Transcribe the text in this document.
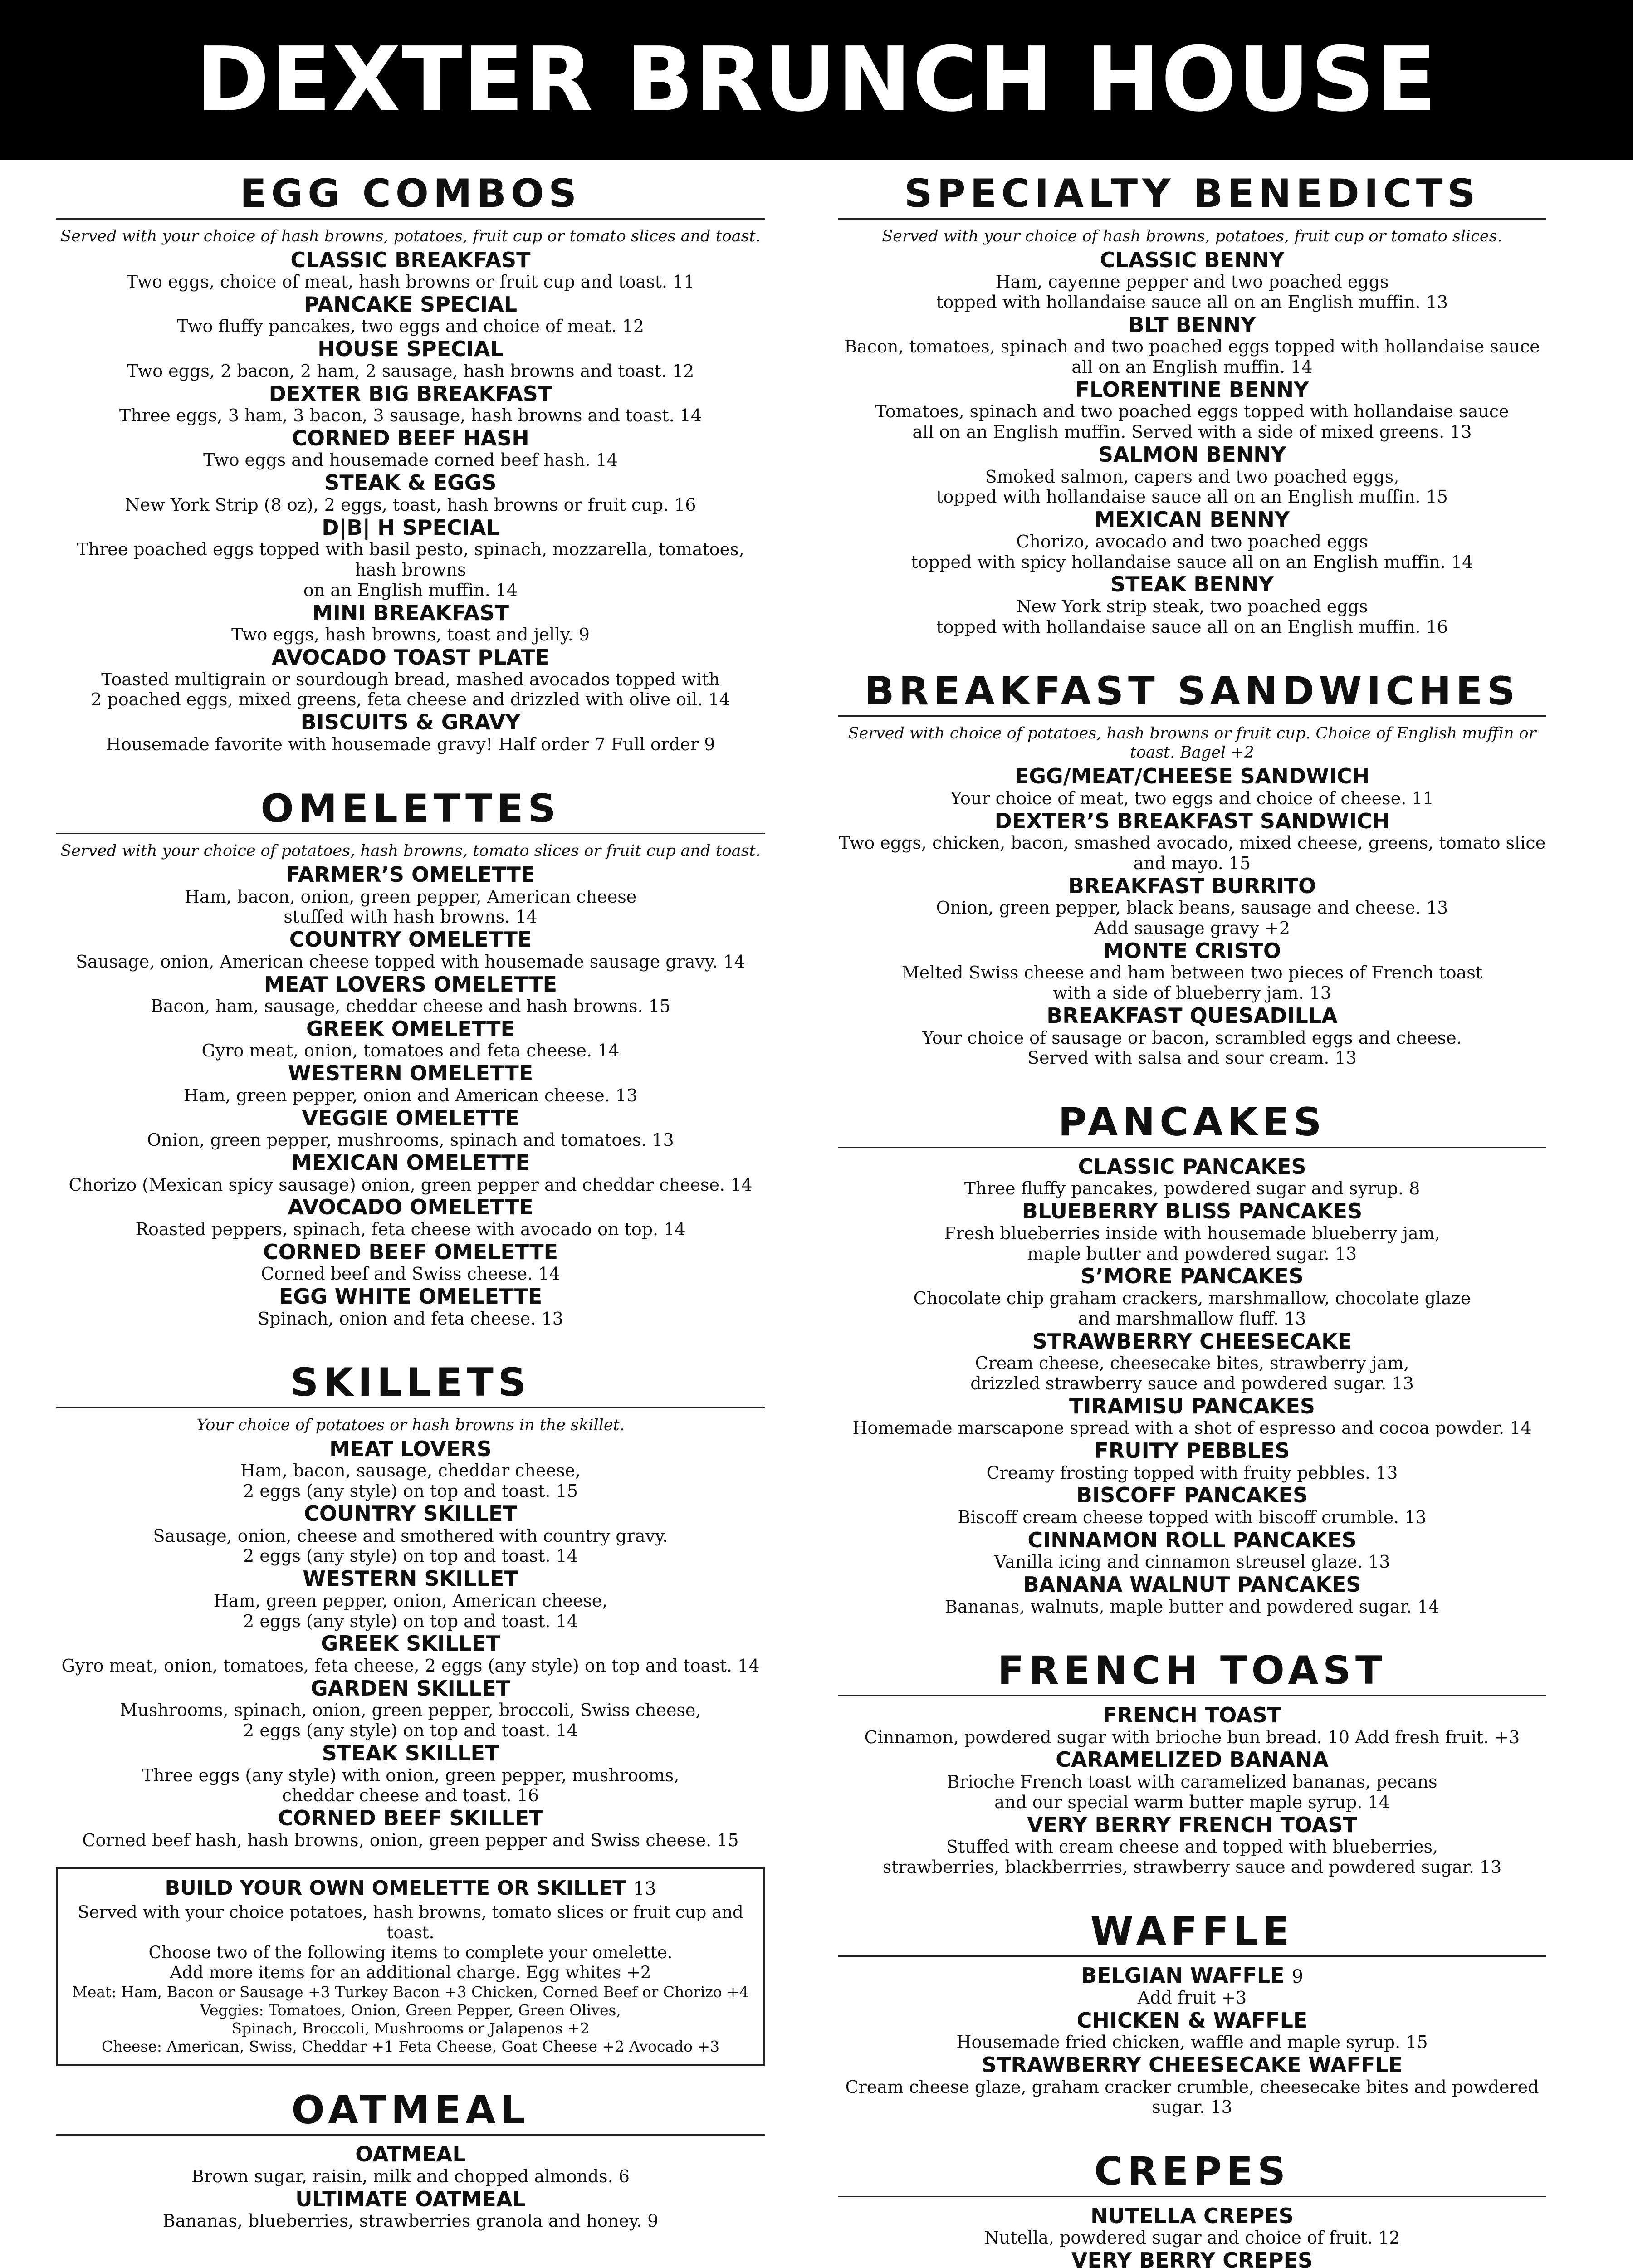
DEXTER BRUNCH HOUSE
EGG COMBOS

Served with your choice of hash browns, potatoes, fruit cup or tomato slices and toast.

CLASSIC BREAKFAST

Two eggs, choice of meat, hash browns or fruit cup and toast. 11

PANCAKE SPECIAL

Two fluffy pancakes, two eggs and choice of meat. 12

HOUSE SPECIAL

Two eggs, 2 bacon, 2 ham, 2 sausage, hash browns and toast. 12

DEXTER BIG BREAKFAST

Three eggs, 3 ham, 3 bacon, 3 sausage, hash browns and toast. 14

CORNED BEEF HASH

Two eggs and housemade corned beef hash. 14

STEAK & EGGS

New York Strip (8 oz), 2 eggs, toast, hash browns or fruit cup. 16

D|B| H SPECIAL

Three poached eggs topped with basil pesto, spinach, mozzarella, tomatoes, hash browns
on an English muffin. 14

MINI BREAKFAST

Two eggs, hash browns, toast and jelly. 9

AVOCADO TOAST PLATE

Toasted multigrain or sourdough bread, mashed avocados topped with
2 poached eggs, mixed greens, feta cheese and drizzled with olive oil. 14

BISCUITS & GRAVY

Housemade favorite with housemade gravy! Half order 7 Full order 9

OMELETTES

Served with your choice of potatoes, hash browns, tomato slices or fruit cup and toast.

FARMER’S OMELETTE

Ham, bacon, onion, green pepper, American cheese
stuffed with hash browns. 14

COUNTRY OMELETTE

Sausage, onion, American cheese topped with housemade sausage gravy. 14

MEAT LOVERS OMELETTE

Bacon, ham, sausage, cheddar cheese and hash browns. 15

GREEK OMELETTE

Gyro meat, onion, tomatoes and feta cheese. 14

WESTERN OMELETTE

Ham, green pepper, onion and American cheese. 13

VEGGIE OMELETTE

Onion, green pepper, mushrooms, spinach and tomatoes. 13

MEXICAN OMELETTE

Chorizo (Mexican spicy sausage) onion, green pepper and cheddar cheese. 14

AVOCADO OMELETTE

Roasted peppers, spinach, feta cheese with avocado on top. 14

CORNED BEEF OMELETTE

Corned beef and Swiss cheese. 14

EGG WHITE OMELETTE

Spinach, onion and feta cheese. 13

SKILLETS

Your choice of potatoes or hash browns in the skillet.

MEAT LOVERS

Ham, bacon, sausage, cheddar cheese,
2 eggs (any style) on top and toast. 15

COUNTRY SKILLET

Sausage, onion, cheese and smothered with country gravy.
2 eggs (any style) on top and toast. 14

WESTERN SKILLET

Ham, green pepper, onion, American cheese,
2 eggs (any style) on top and toast. 14

GREEK SKILLET

Gyro meat, onion, tomatoes, feta cheese, 2 eggs (any style) on top and toast. 14

GARDEN SKILLET

Mushrooms, spinach, onion, green pepper, broccoli, Swiss cheese,
2 eggs (any style) on top and toast. 14

STEAK SKILLET

Three eggs (any style) with onion, green pepper, mushrooms,
cheddar cheese and toast. 16

CORNED BEEF SKILLET

Corned beef hash, hash browns, onion, green pepper and Swiss cheese. 15

BUILD YOUR OWN OMELETTE OR SKILLET 13

Served with your choice potatoes, hash browns, tomato slices or fruit cup and toast.

Choose two of the following items to complete your omelette.

Add more items for an additional charge. Egg whites +2

Meat: Ham, Bacon or Sausage +3 Turkey Bacon +3 Chicken, Corned Beef or Chorizo +4

Veggies: Tomatoes, Onion, Green Pepper, Green Olives,

Spinach, Broccoli, Mushrooms or Jalapenos +2

Cheese: American, Swiss, Cheddar +1 Feta Cheese, Goat Cheese +2 Avocado +3

OATMEAL

OATMEAL

Brown sugar, raisin, milk and chopped almonds. 6

ULTIMATE OATMEAL

Bananas, blueberries, strawberries granola and honey. 9

SPECIALTY BENEDICTS

Served with your choice of hash browns, potatoes, fruit cup or tomato slices.

CLASSIC BENNY

Ham, cayenne pepper and two poached eggs
topped with hollandaise sauce all on an English muffin. 13

BLT BENNY

Bacon, tomatoes, spinach and two poached eggs topped with hollandaise sauce
all on an English muffin. 14

FLORENTINE BENNY

Tomatoes, spinach and two poached eggs topped with hollandaise sauce
all on an English muffin. Served with a side of mixed greens. 13

SALMON BENNY

Smoked salmon, capers and two poached eggs,
topped with hollandaise sauce all on an English muffin. 15

MEXICAN BENNY

Chorizo, avocado and two poached eggs
topped with spicy hollandaise sauce all on an English muffin. 14

STEAK BENNY

New York strip steak, two poached eggs
topped with hollandaise sauce all on an English muffin. 16

BREAKFAST SANDWICHES

Served with choice of potatoes, hash browns or fruit cup. Choice of English muffin or toast. Bagel +2

EGG/MEAT/CHEESE SANDWICH

Your choice of meat, two eggs and choice of cheese. 11

DEXTER’S BREAKFAST SANDWICH

Two eggs, chicken, bacon, smashed avocado, mixed cheese, greens, tomato slice and mayo. 15

BREAKFAST BURRITO

Onion, green pepper, black beans, sausage and cheese. 13
Add sausage gravy +2

MONTE CRISTO

Melted Swiss cheese and ham between two pieces of French toast
with a side of blueberry jam. 13

BREAKFAST QUESADILLA

Your choice of sausage or bacon, scrambled eggs and cheese.
Served with salsa and sour cream. 13

PANCAKES

CLASSIC PANCAKES

Three fluffy pancakes, powdered sugar and syrup. 8

BLUEBERRY BLISS PANCAKES

Fresh blueberries inside with housemade blueberry jam,
maple butter and powdered sugar. 13

S’MORE PANCAKES

Chocolate chip graham crackers, marshmallow, chocolate glaze
and marshmallow fluff. 13

STRAWBERRY CHEESECAKE

Cream cheese, cheesecake bites, strawberry jam,
drizzled strawberry sauce and powdered sugar. 13

TIRAMISU PANCAKES

Homemade marscapone spread with a shot of espresso and cocoa powder. 14

FRUITY PEBBLES

Creamy frosting topped with fruity pebbles. 13

BISCOFF PANCAKES

Biscoff cream cheese topped with biscoff crumble. 13

CINNAMON ROLL PANCAKES

Vanilla icing and cinnamon streusel glaze. 13

BANANA WALNUT PANCAKES

Bananas, walnuts, maple butter and powdered sugar. 14

FRENCH TOAST

FRENCH TOAST

Cinnamon, powdered sugar with brioche bun bread. 10 Add fresh fruit. +3

CARAMELIZED BANANA

Brioche French toast with caramelized bananas, pecans
and our special warm butter maple syrup. 14

VERY BERRY FRENCH TOAST

Stuffed with cream cheese and topped with blueberries,
strawberries, blackberrries, strawberry sauce and powdered sugar. 13

WAFFLE

BELGIAN WAFFLE 9

Add fruit +3

CHICKEN & WAFFLE

Housemade fried chicken, waffle and maple syrup. 15

STRAWBERRY CHEESECAKE WAFFLE

Cream cheese glaze, graham cracker crumble, cheesecake bites and powdered sugar. 13

CREPES

NUTELLA CREPES

Nutella, powdered sugar and choice of fruit. 12

VERY BERRY CREPES
